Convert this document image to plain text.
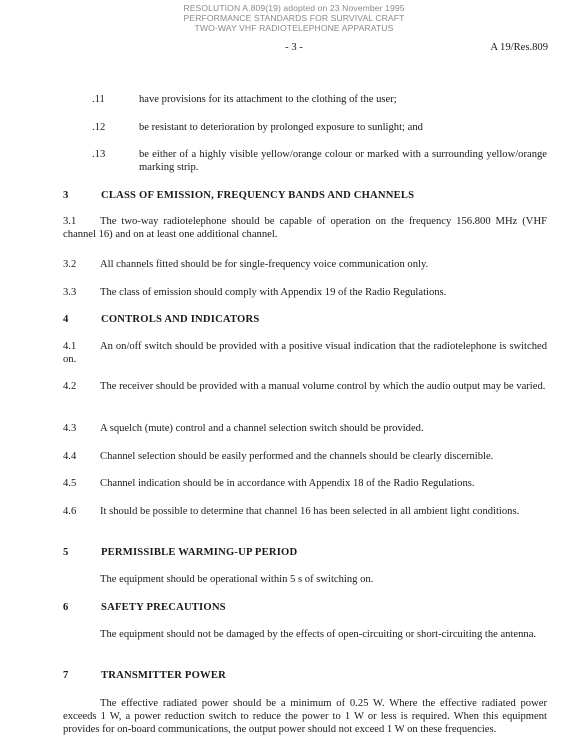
RESOLUTION A.809(19) adopted on 23 November 1995
PERFORMANCE STANDARDS FOR SURVIVAL CRAFT
TWO-WAY VHF RADIOTELEPHONE APPARATUS
- 3 -	A 19/Res.809
.11	have provisions for its attachment to the clothing of the user;
.12	be resistant to deterioration by prolonged exposure to sunlight; and
.13	be either of a highly visible yellow/orange colour or marked with a surrounding yellow/orange marking strip.
3	CLASS OF EMISSION, FREQUENCY BANDS AND CHANNELS
3.1 The two-way radiotelephone should be capable of operation on the frequency 156.800 MHz (VHF channel 16) and on at least one additional channel.
3.2 All channels fitted should be for single-frequency voice communication only.
3.3 The class of emission should comply with Appendix 19 of the Radio Regulations.
4	CONTROLS AND INDICATORS
4.1 An on/off switch should be provided with a positive visual indication that the radiotelephone is switched on.
4.2 The receiver should be provided with a manual volume control by which the audio output may be varied.
4.3 A squelch (mute) control and a channel selection switch should be provided.
4.4 Channel selection should be easily performed and the channels should be clearly discernible.
4.5 Channel indication should be in accordance with Appendix 18 of the Radio Regulations.
4.6 It should be possible to determine that channel 16 has been selected in all ambient light conditions.
5	PERMISSIBLE WARMING-UP PERIOD
The equipment should be operational within 5 s of switching on.
6	SAFETY PRECAUTIONS
The equipment should not be damaged by the effects of open-circuiting or short-circuiting the antenna.
7	TRANSMITTER POWER
The effective radiated power should be a minimum of 0.25 W. Where the effective radiated power exceeds 1 W, a power reduction switch to reduce the power to 1 W or less is required. When this equipment provides for on-board communications, the output power should not exceed 1 W on these frequencies.
